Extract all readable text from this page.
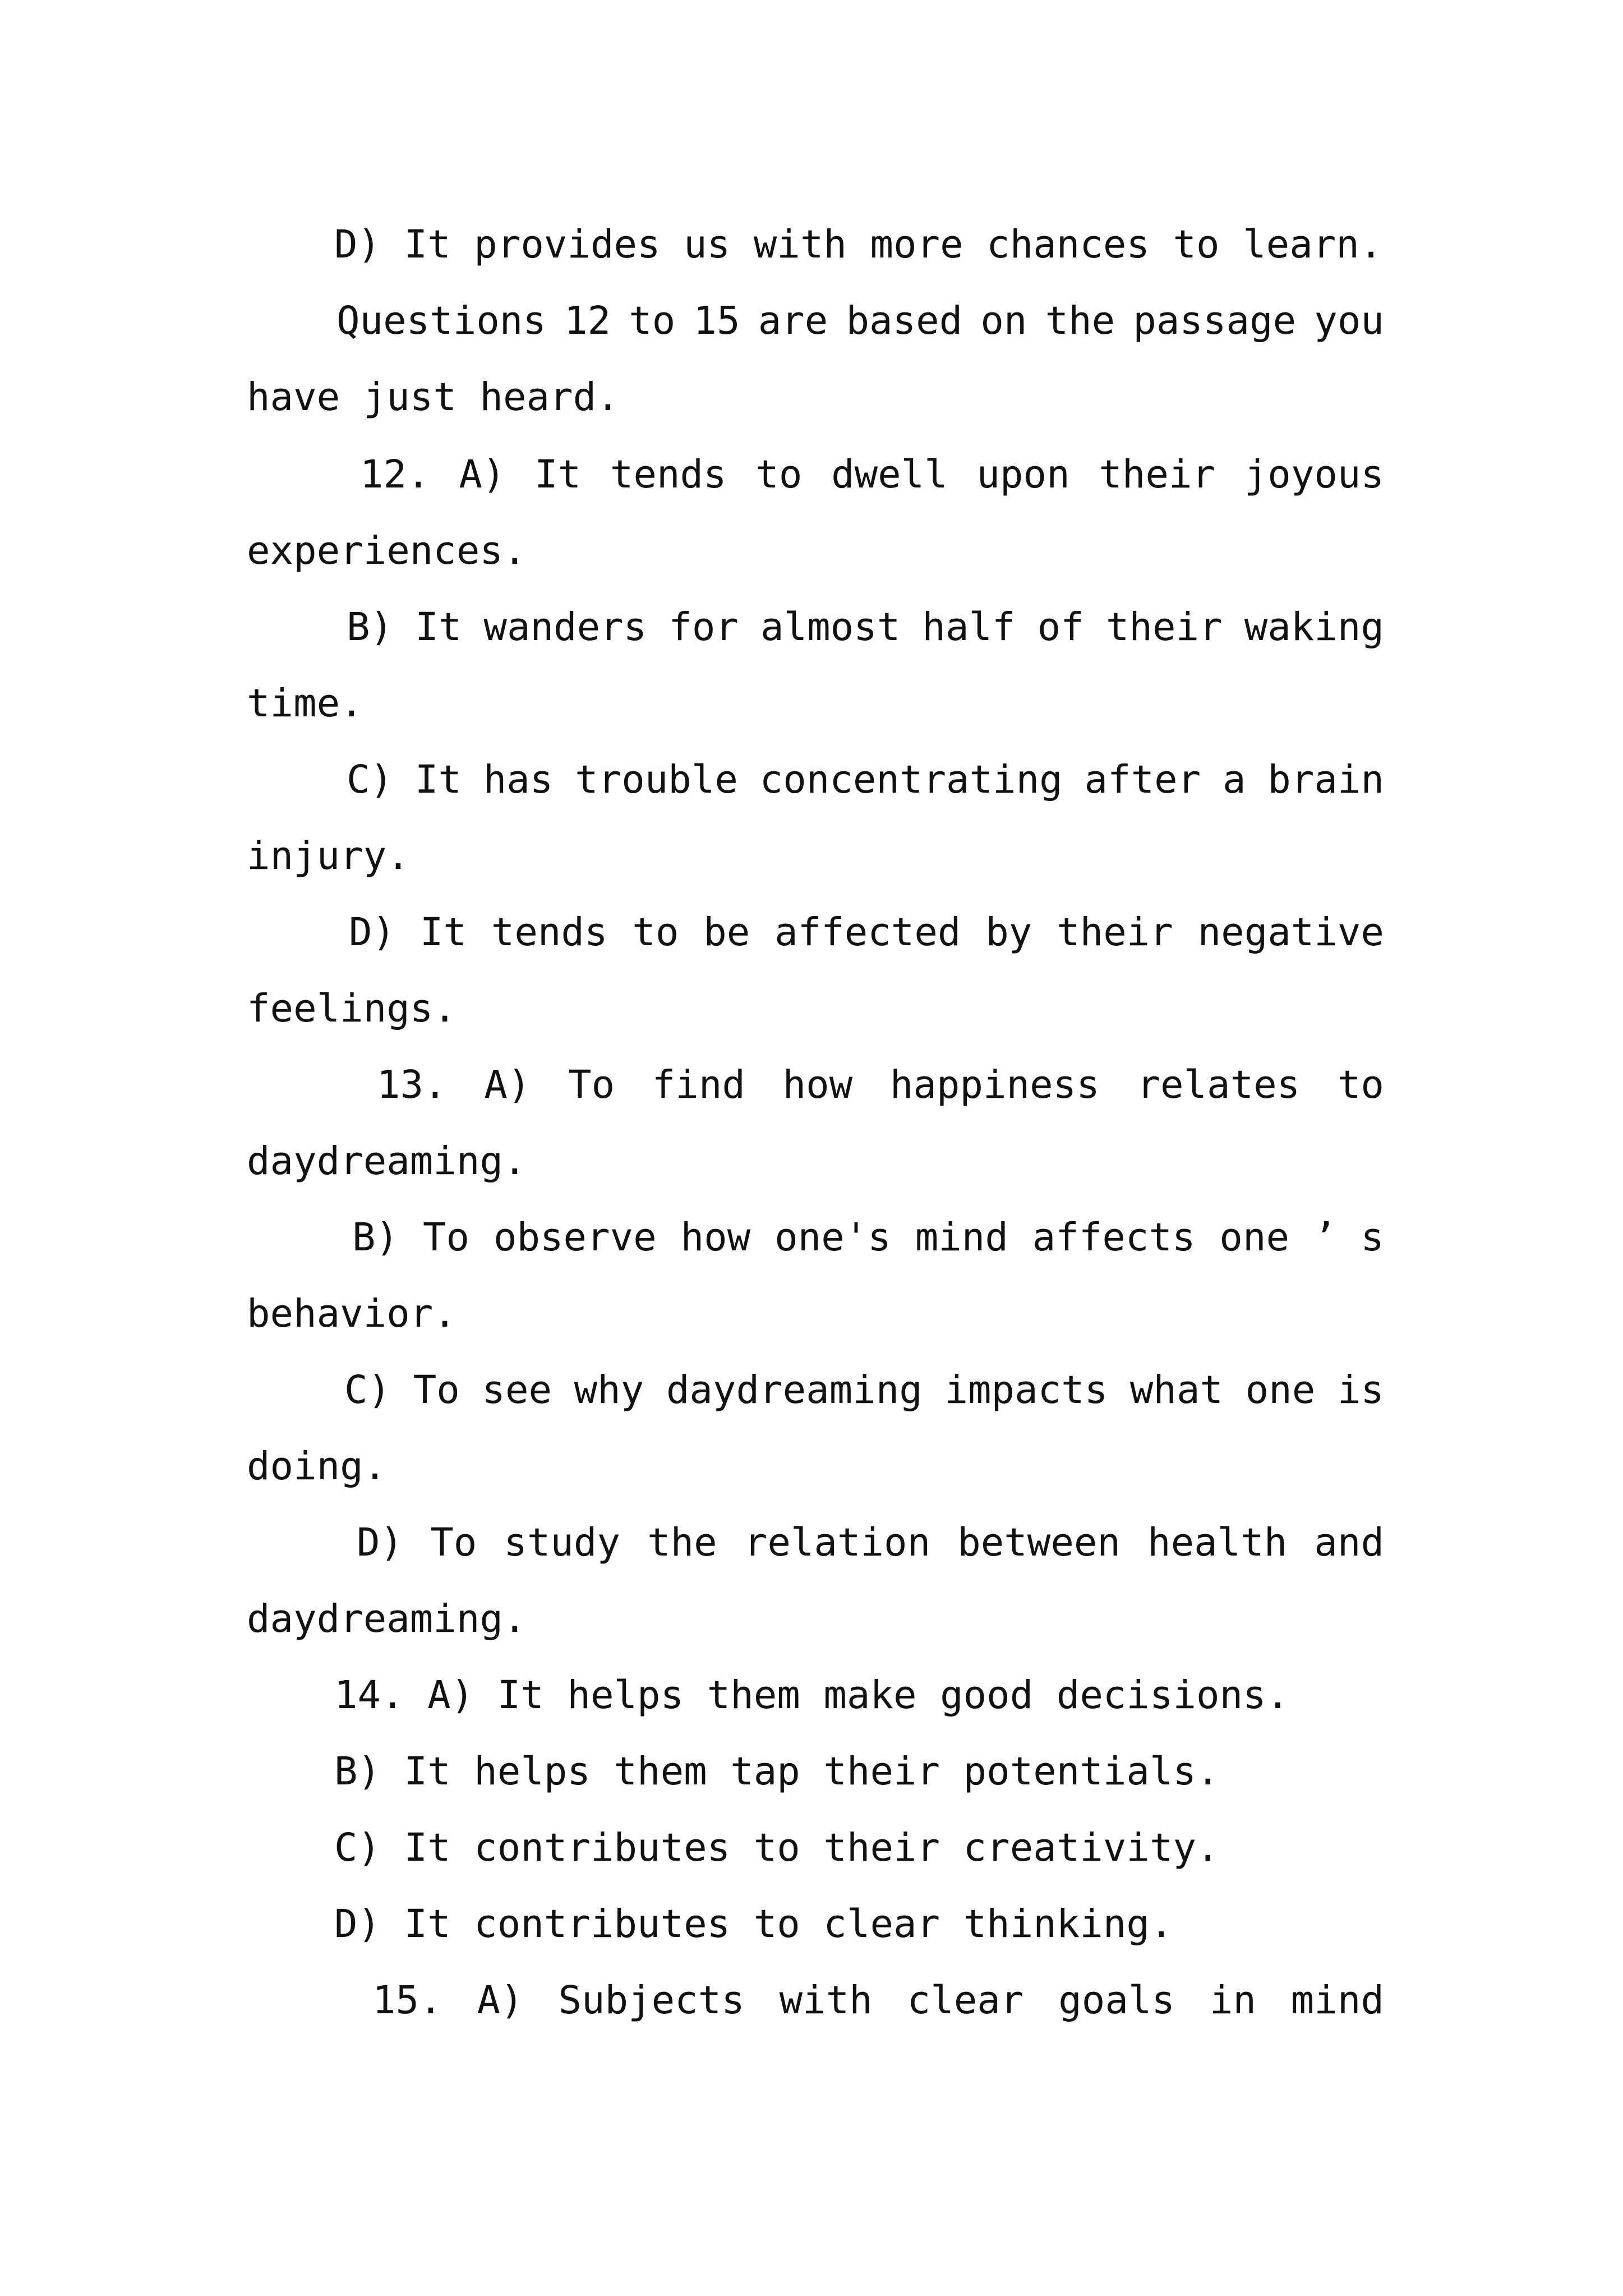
D) It provides us with more chances to learn.
Questions 12 to 15 are based on the passage you
have just heard.
12. A) It tends to dwell upon their joyous
experiences.
B) It wanders for almost half of their waking
time.
C) It has trouble concentrating after a brain
injury.
D) It tends to be affected by their negative
feelings.
13. A) To find how happiness relates to
daydreaming.
B) To observe how one's mind affects one ’ s
behavior.
C) To see why daydreaming impacts what one is
doing.
D) To study the relation between health and
daydreaming.
14. A) It helps them make good decisions.
B) It helps them tap their potentials.
C) It contributes to their creativity.
D) It contributes to clear thinking.
15. A) Subjects with clear goals in mind
